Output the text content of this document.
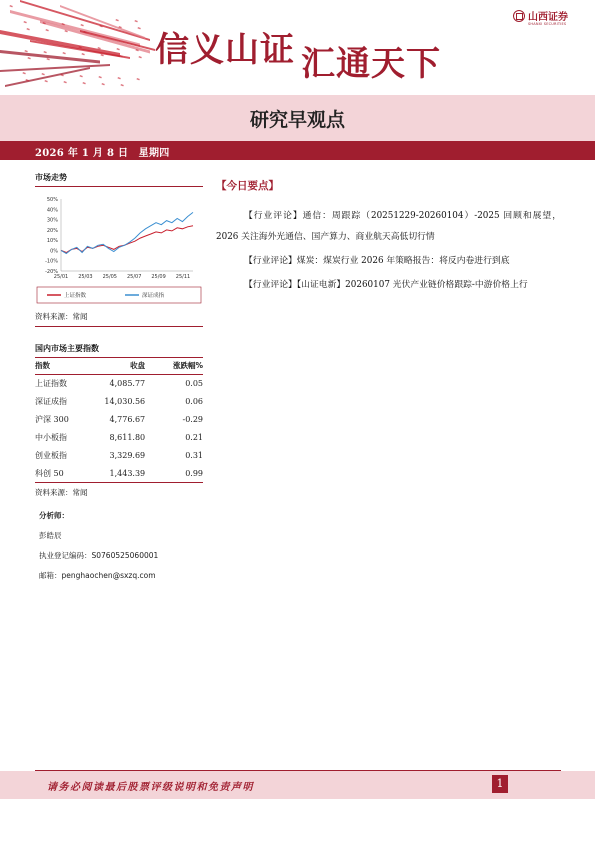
信义山证 汇通天下
山西证券
SHANXI SECURITIES
研究早观点
2026 年 1 月 8 日　星期四
市场走势
50%
40%
30%
20%
10%
0%
-10%
-20%
25/01 25/03 25/05 25/07 25/09 25/11
上证指数	深证成指
资料来源：常闻
国内市场主要指数
指数	收盘	涨跌幅%
上证指数	4,085.77	0.05
深证成指	14,030.56	0.06
沪深 300	4,776.67	-0.29
中小板指	8,611.80	0.21
创业板指	3,329.69	0.31
科创 50	1,443.39	0.99
资料来源：常闻
分析师：
彭皓辰
执业登记编码：S0760525060001
邮箱：penghaochen@sxzq.com
【今日要点】

【行业评论】通信：周跟踪（20251229-20260104）-2025 回顾和展望，2026 关注海外光通信、国产算力、商业航天高低切行情

【行业评论】煤炭：煤炭行业 2026 年策略报告：将反内卷进行到底

【行业评论】【山证电新】20260107 光伏产业链价格跟踪-中游价格上行

请务必阅读最后股票评级说明和免责声明	1
